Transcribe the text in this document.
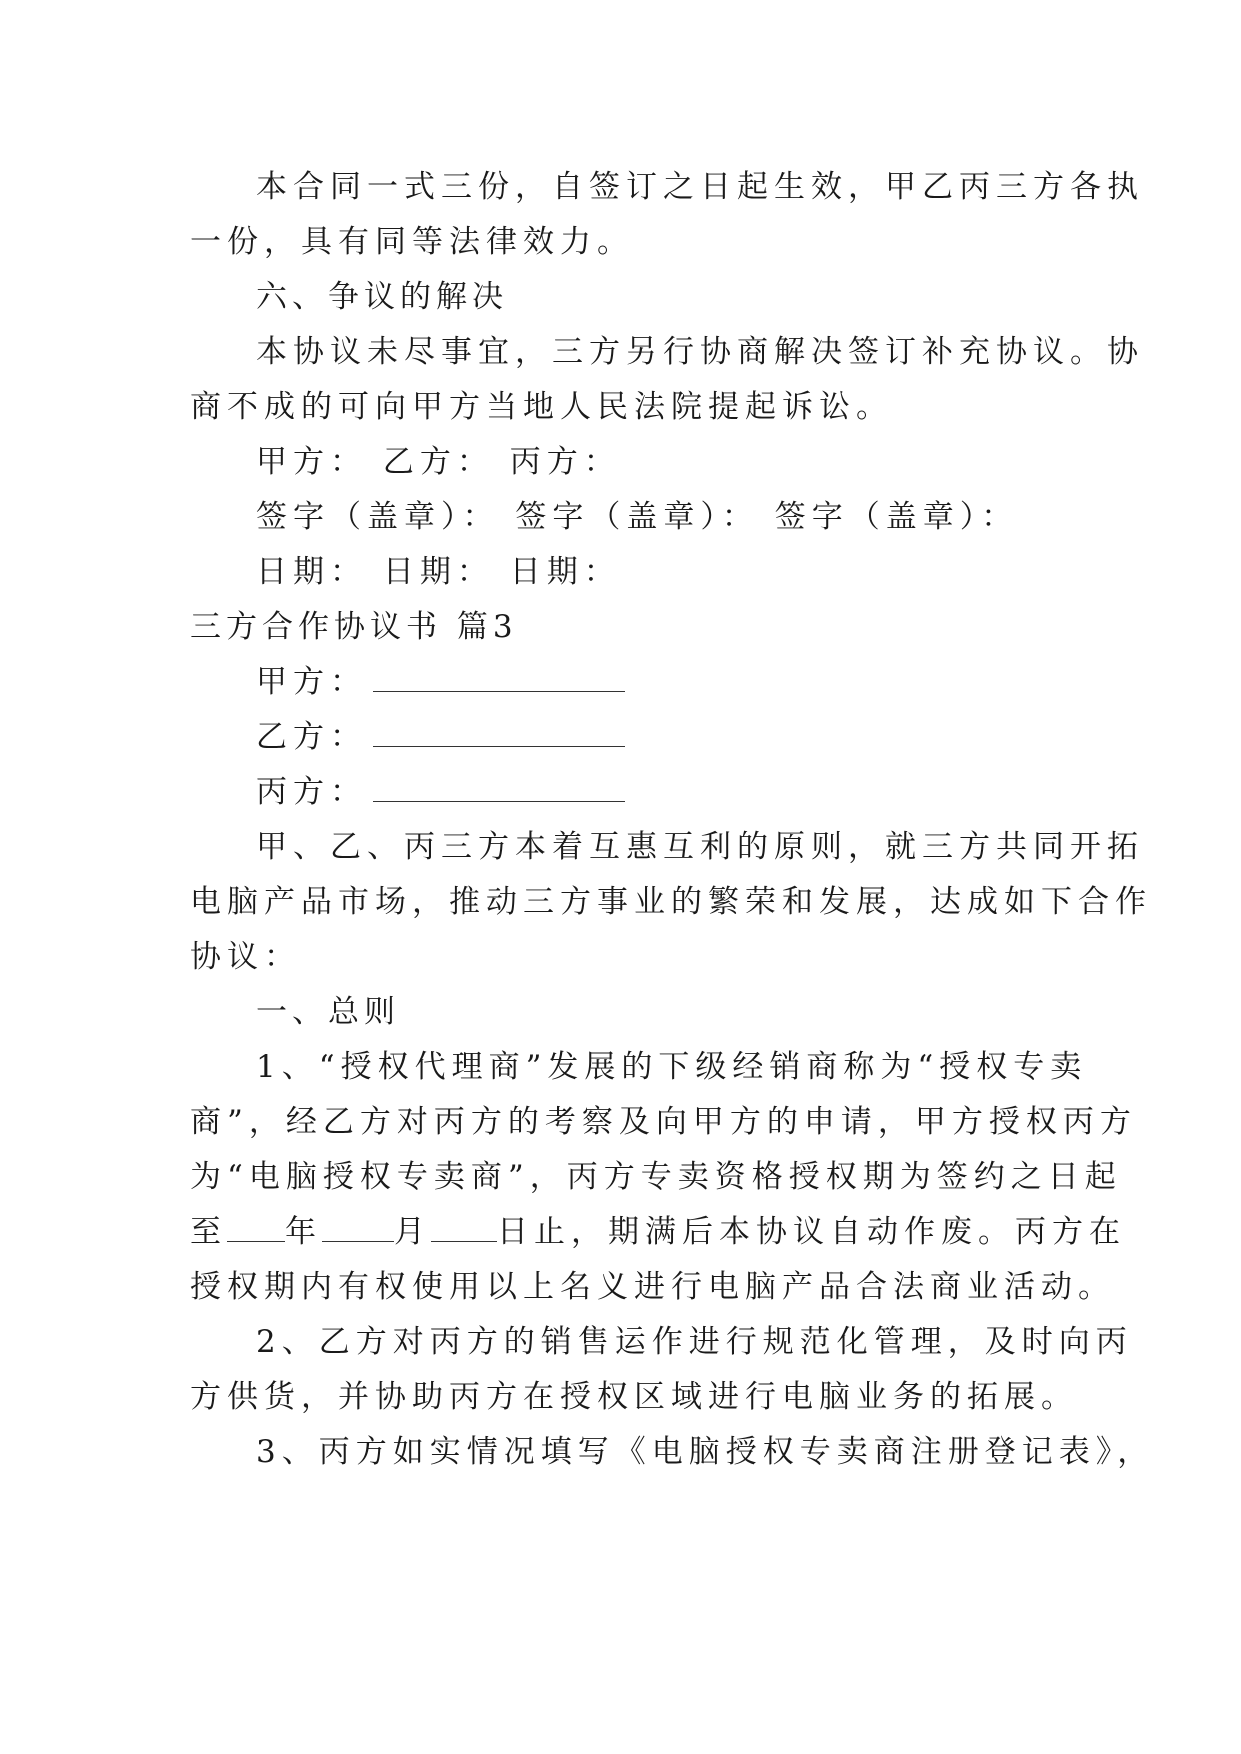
本合同一式三份，自签订之日起生效，甲乙丙三方各执
一份，具有同等法律效力。
六、争议的解决
本协议未尽事宜，三方另行协商解决签订补充协议。协
商不成的可向甲方当地人民法院提起诉讼。
甲方： 乙方： 丙方：
签字（盖章）： 签字（盖章）： 签字（盖章）：
日期： 日期： 日期：
三方合作协议书 篇3
甲方：
乙方：
丙方：
甲、乙、丙三方本着互惠互利的原则，就三方共同开拓
电脑产品市场，推动三方事业的繁荣和发展，达成如下合作
协议：
一、总则
1、“授权代理商”发展的下级经销商称为“授权专卖
商”，经乙方对丙方的考察及向甲方的申请，甲方授权丙方
为“电脑授权专卖商”，丙方专卖资格授权期为签约之日起
至 年 月 日止，期满后本协议自动作废。丙方在
授权期内有权使用以上名义进行电脑产品合法商业活动。
2、乙方对丙方的销售运作进行规范化管理，及时向丙
方供货，并协助丙方在授权区域进行电脑业务的拓展。
3、丙方如实情况填写《电脑授权专卖商注册登记表》，
